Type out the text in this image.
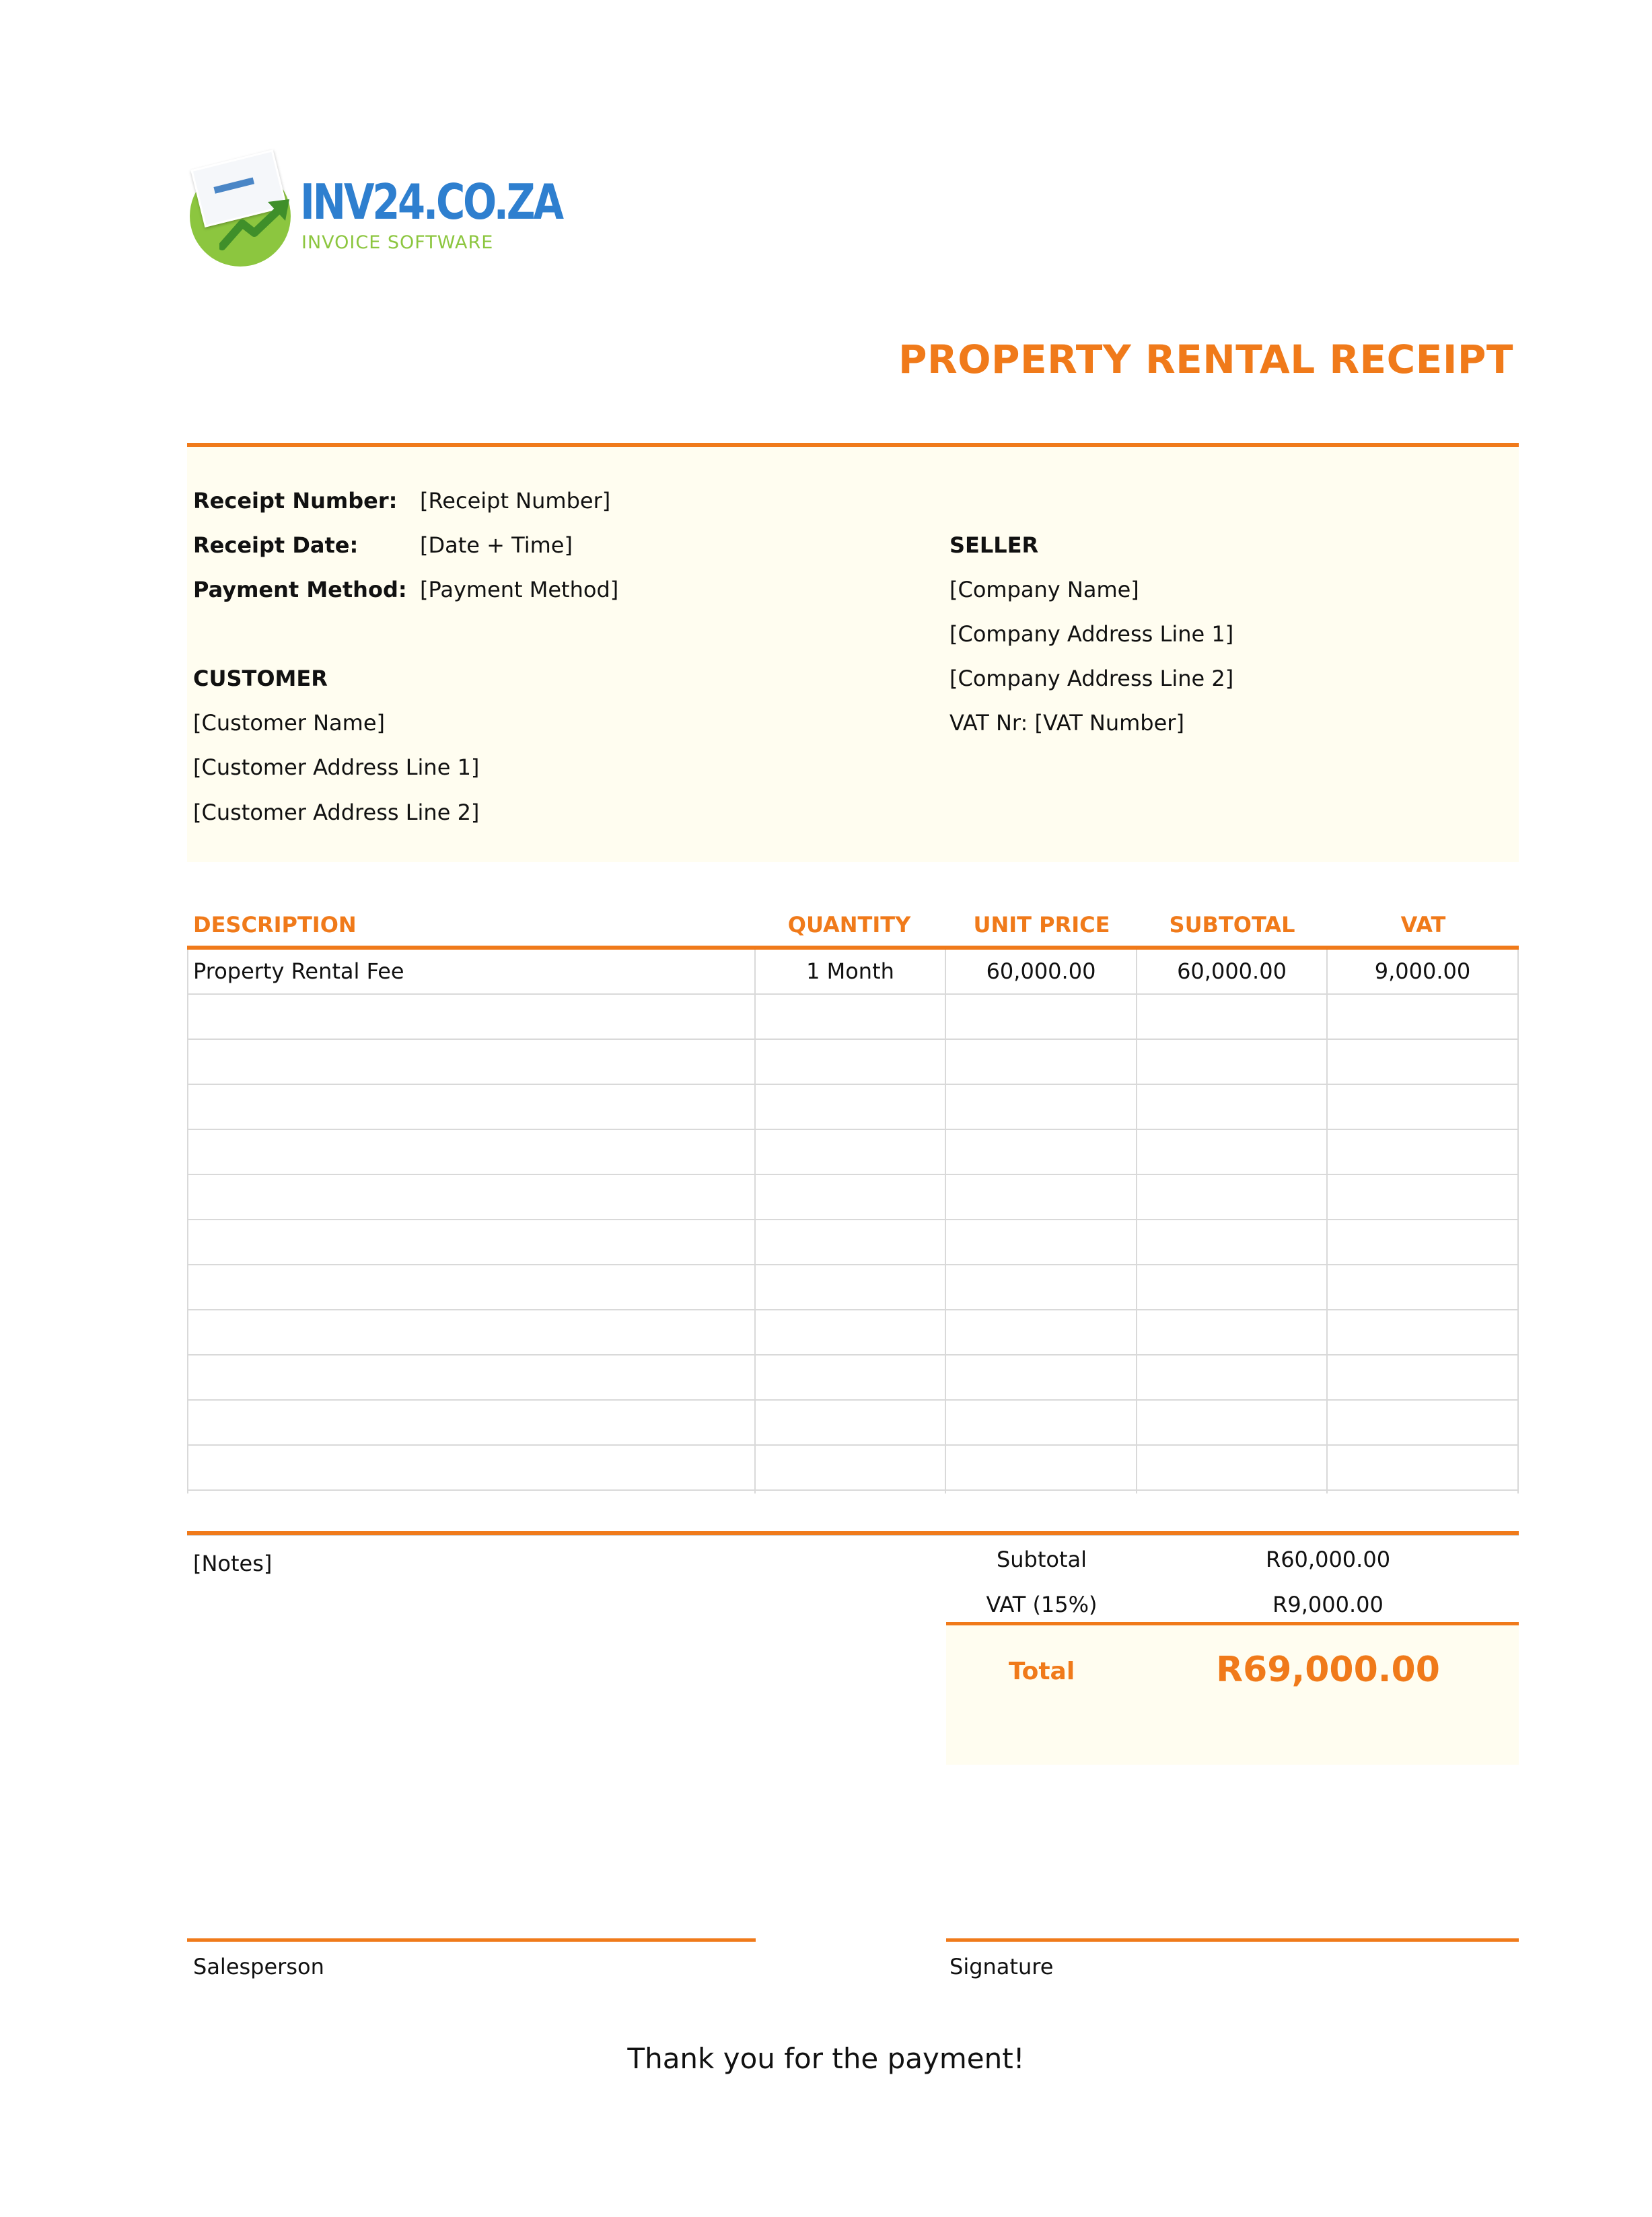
INV24.CO.ZA
INVOICE SOFTWARE
PROPERTY RENTAL RECEIPT
Receipt Number: [Receipt Number]
Receipt Date:	[Date + Time]
Payment Method: [Payment Method]
CUSTOMER
[Customer Name]
[Customer Address Line 1]
[Customer Address Line 2]
SELLER
[Company Name]
[Company Address Line 1]
[Company Address Line 2]
VAT Nr: [VAT Number]
DESCRIPTION	QUANTITY	UNIT PRICE	SUBTOTAL	VAT
Property Rental Fee	1 Month	60,000.00	60,000.00	9,000.00
[Notes]	Subtotal	R60,000.00
VAT (15%)	R9,000.00
Total	R69,000.00
Salesperson	Signature
Thank you for the payment!
